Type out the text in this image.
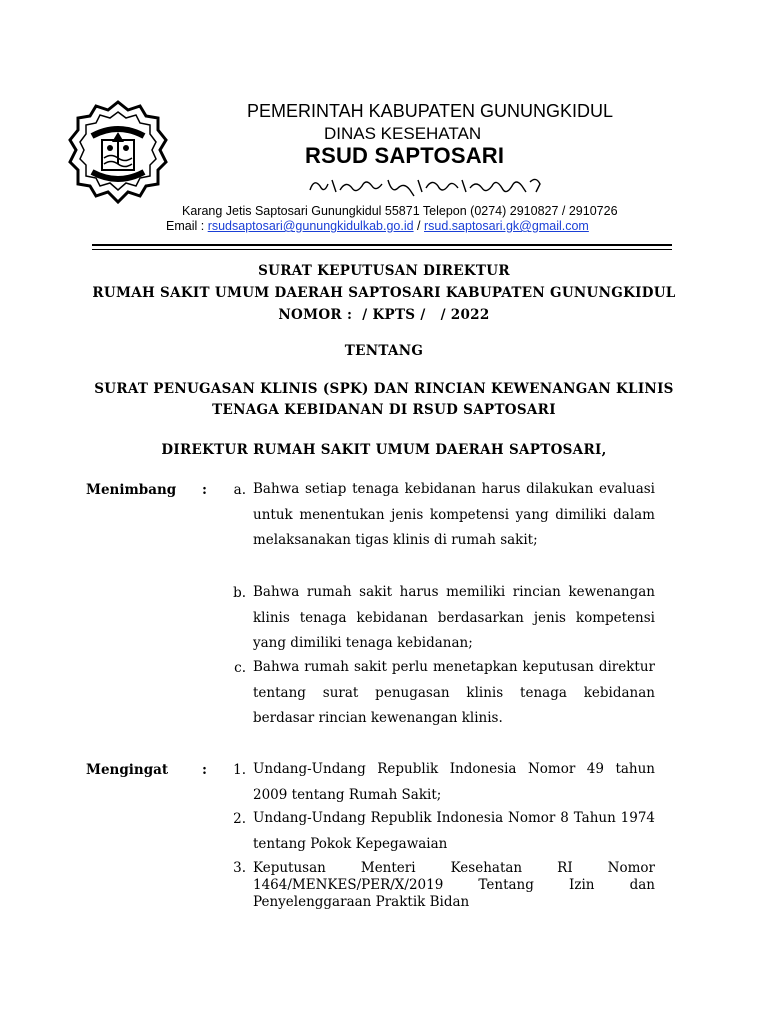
PEMERINTAH KABUPATEN GUNUNGKIDUL
DINAS KESEHATAN
RSUD SAPTOSARI
Karang Jetis Saptosari Gunungkidul 55871 Telepon (0274) 2910827 / 2910726
Email : rsudsaptosari@gunungkidulkab.go.id / rsud.saptosari.gk@gmail.com
SURAT KEPUTUSAN DIREKTUR
RUMAH SAKIT UMUM DAERAH SAPTOSARI KABUPATEN GUNUNGKIDUL
NOMOR :  / KPTS /   / 2022
TENTANG
SURAT PENUGASAN KLINIS (SPK) DAN RINCIAN KEWENANGAN KLINIS
TENAGA KEBIDANAN DI RSUD SAPTOSARI
DIREKTUR RUMAH SAKIT UMUM DAERAH SAPTOSARI,
Menimbang :	a. Bahwa setiap tenaga kebidanan harus dilakukan evaluasi untuk menentukan jenis kompetensi yang dimiliki dalam melaksanakan tigas klinis di rumah sakit;
b. Bahwa rumah sakit harus memiliki rincian kewenangan klinis tenaga kebidanan berdasarkan jenis kompetensi yang dimiliki tenaga kebidanan;
c. Bahwa rumah sakit perlu menetapkan keputusan direktur tentang surat penugasan klinis tenaga kebidanan berdasar rincian kewenangan klinis.
Mengingat	:	1. Undang-Undang Republik Indonesia Nomor 49 tahun 2009 tentang Rumah Sakit;
2. Undang-Undang Republik Indonesia Nomor 8 Tahun 1974 tentang Pokok Kepegawaian
3. Keputusan Menteri Kesehatan RI Nomor 1464/MENKES/PER/X/2019 Tentang Izin dan Penyelenggaraan Praktik Bidan
